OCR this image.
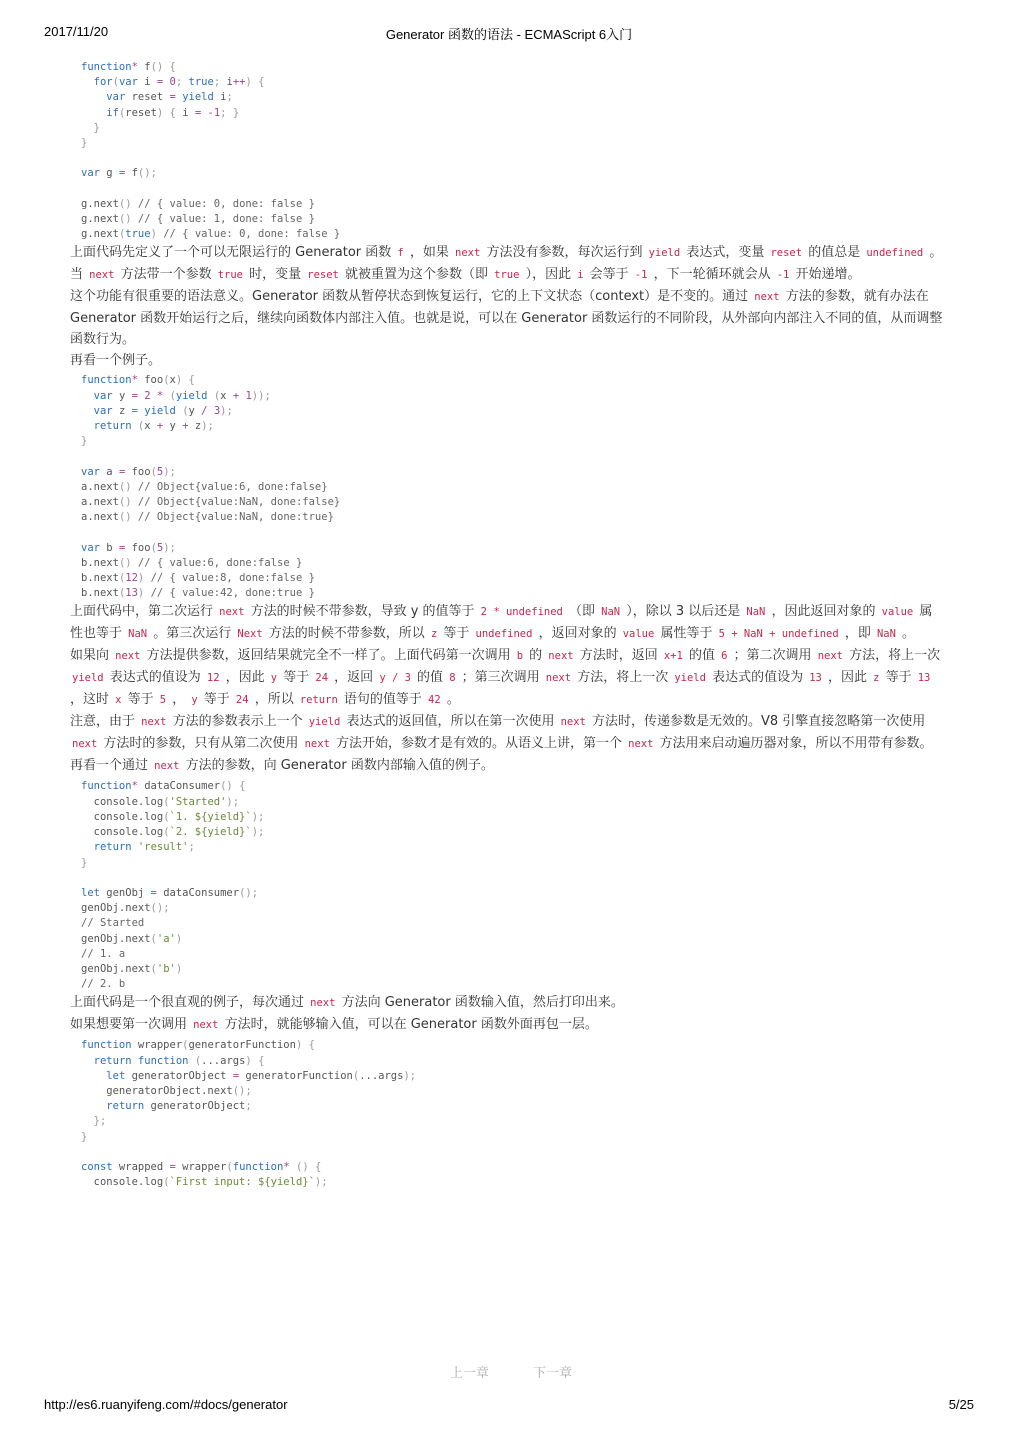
2017/11/20	Generator 函数的语法 - ECMAScript 6入门
function* f() {
for(var i = 0; true; i++) {
var reset = yield i;
if(reset) { i = -1; }
}
}

var g = f();

g.next() // { value: 0, done: false }
g.next() // { value: 1, done: false }
g.next(true) // { value: 0, done: false }

上面代码先定义了一个可以无限运行的 Generator 函数 f ，如果 next 方法没有参数，每次运行到 yield 表达式，变量 reset 的值总是 undefined 。当 next 方法带一个参数 true 时，变量 reset 就被重置为这个参数（即 true ），因此 i 会等于 -1 ，下一轮循环就会从 -1 开始递增。

这个功能有很重要的语法意义。Generator 函数从暂停状态到恢复运行，它的上下文状态（context）是不变的。通过 next 方法的参数，就有办法在 Generator 函数开始运行之后，继续向函数体内部注入值。也就是说，可以在 Generator 函数运行的不同阶段，从外部向内部注入不同的值，从而调整函数行为。

再看一个例子。

function* foo(x) {
var y = 2 * (yield (x + 1));
var z = yield (y / 3);
return (x + y + z);
}

var a = foo(5);
a.next() // Object{value:6, done:false}
a.next() // Object{value:NaN, done:false}
a.next() // Object{value:NaN, done:true}

var b = foo(5);
b.next() // { value:6, done:false }
b.next(12) // { value:8, done:false }
b.next(13) // { value:42, done:true }

上面代码中，第二次运行 next 方法的时候不带参数，导致 y 的值等于 2 * undefined （即 NaN ），除以 3 以后还是 NaN ，因此返回对象的 value 属性也等于 NaN 。第三次运行 Next 方法的时候不带参数，所以 z 等于 undefined ，返回对象的 value 属性等于 5 + NaN + undefined ，即 NaN 。

如果向 next 方法提供参数，返回结果就完全不一样了。上面代码第一次调用 b 的 next 方法时，返回 x+1 的值 6 ；第二次调用 next 方法，将上一次 yield 表达式的值设为 12 ，因此 y 等于 24 ，返回 y / 3 的值 8 ；第三次调用 next 方法，将上一次 yield 表达式的值设为 13 ，因此 z 等于 13 ，这时 x 等于 5 ， y 等于 24 ，所以 return 语句的值等于 42 。

注意，由于 next 方法的参数表示上一个 yield 表达式的返回值，所以在第一次使用 next 方法时，传递参数是无效的。V8 引擎直接忽略第一次使用 next 方法时的参数，只有从第二次使用 next 方法开始，参数才是有效的。从语义上讲，第一个 next 方法用来启动遍历器对象，所以不用带有参数。

再看一个通过 next 方法的参数，向 Generator 函数内部输入值的例子。

function* dataConsumer() {
console.log('Started');
console.log(`1. ${yield}`);
console.log(`2. ${yield}`);
return 'result';
}

let genObj = dataConsumer();
genObj.next();
// Started
genObj.next('a')
// 1. a
genObj.next('b')
// 2. b

上面代码是一个很直观的例子，每次通过 next 方法向 Generator 函数输入值，然后打印出来。

如果想要第一次调用 next 方法时，就能够输入值，可以在 Generator 函数外面再包一层。

function wrapper(generatorFunction) {
return function (...args) {
let generatorObject = generatorFunction(...args);
generatorObject.next();
return generatorObject;
};
}

const wrapped = wrapper(function* () {
console.log(`First input: ${yield}`);
上一章	下一章
http://es6.ruanyifeng.com/#docs/generator	5/25
